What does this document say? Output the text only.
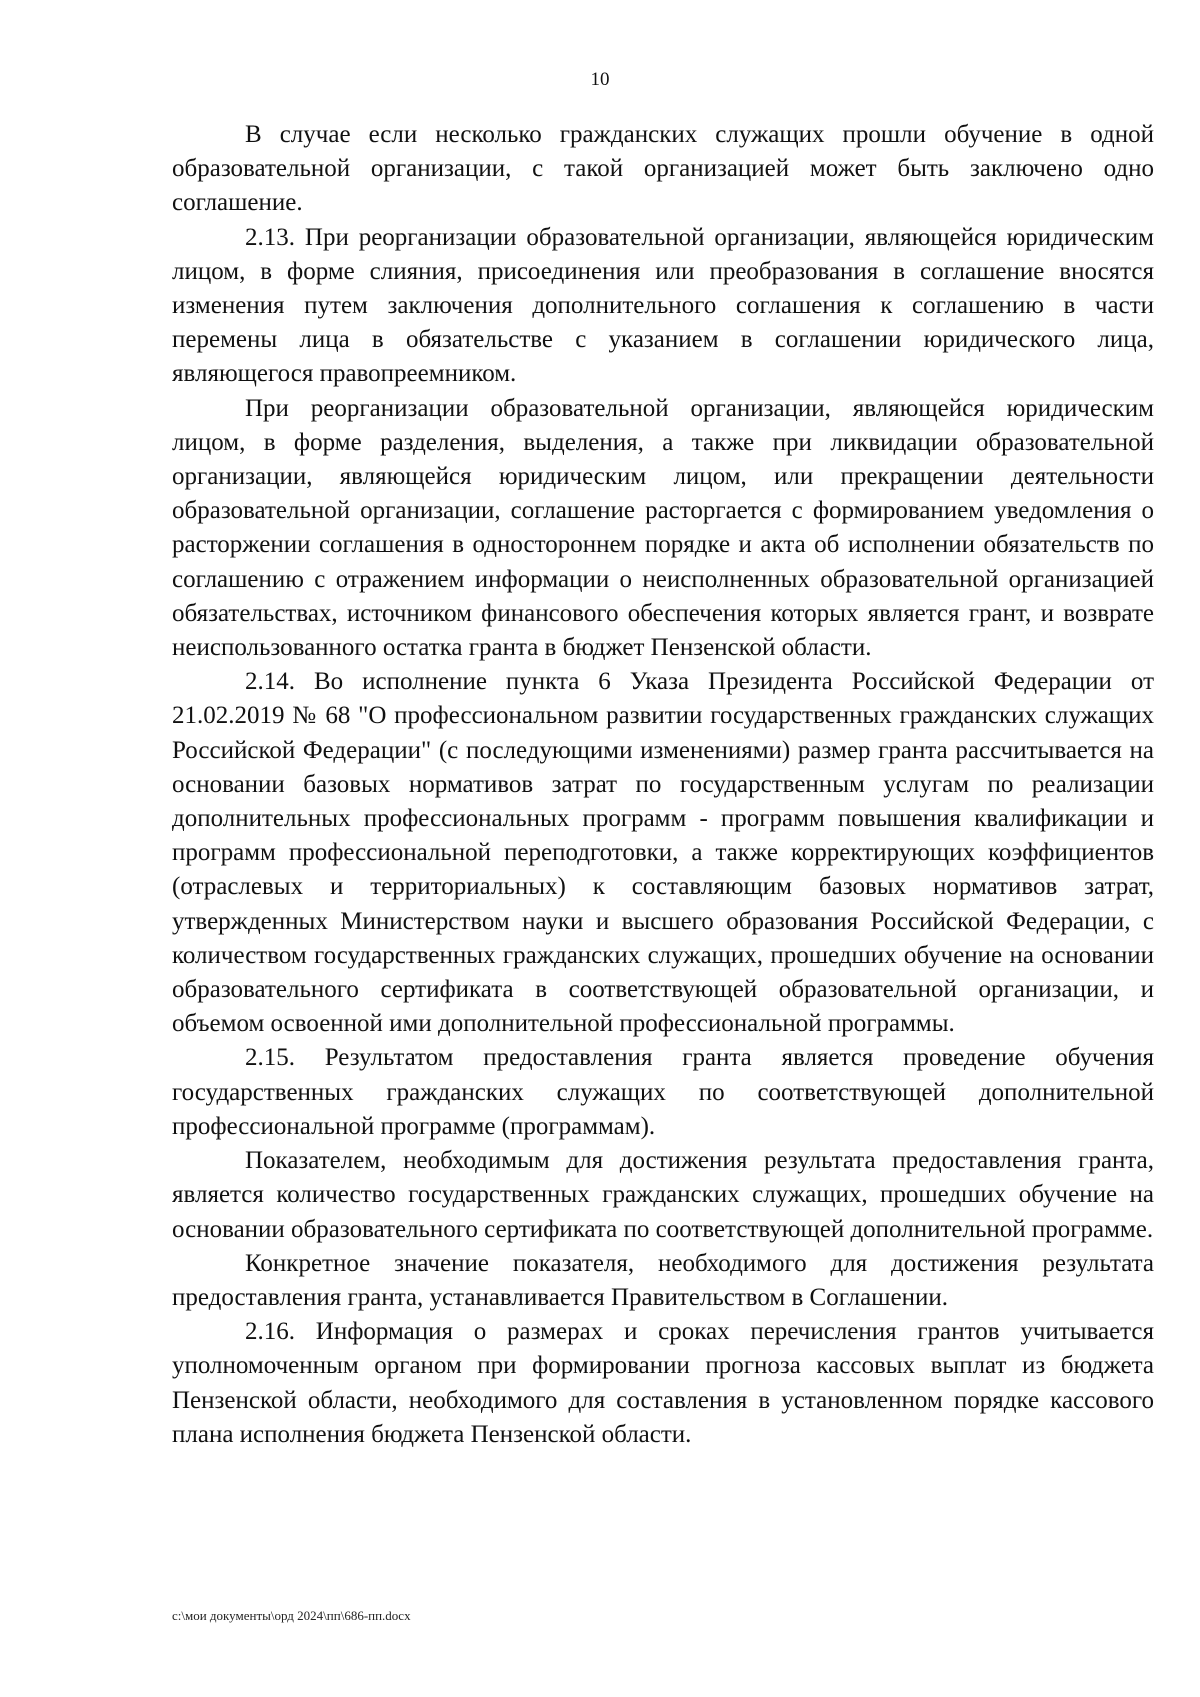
10

В случае если несколько гражданских служащих прошли обучение в одной образовательной организации, с такой организацией может быть заключено одно соглашение.

2.13. При реорганизации образовательной организации, являющейся юридическим лицом, в форме слияния, присоединения или преобразования в соглашение вносятся изменения путем заключения дополнительного соглашения к соглашению в части перемены лица в обязательстве с указанием в соглашении юридического лица, являющегося правопреемником.

При реорганизации образовательной организации, являющейся юридическим лицом, в форме разделения, выделения, а также при ликвидации образовательной организации, являющейся юридическим лицом, или прекращении деятельности образовательной организации, соглашение расторгается с формированием уведомления о расторжении соглашения в одностороннем порядке и акта об исполнении обязательств по соглашению с отражением информации о неисполненных образовательной организацией обязательствах, источником финансового обеспечения которых является грант, и возврате неиспользованного остатка гранта в бюджет Пензенской области.

2.14. Во исполнение пункта 6 Указа Президента Российской Федерации от 21.02.2019 № 68 "О профессиональном развитии государственных гражданских служащих Российской Федерации" (с последующими изменениями) размер гранта рассчитывается на основании базовых нормативов затрат по государственным услугам по реализации дополнительных профессиональных программ - программ повышения квалификации и программ профессиональной переподготовки, а также корректирующих коэффициентов (отраслевых и территориальных) к составляющим базовых нормативов затрат, утвержденных Министерством науки и высшего образования Российской Федерации, с количеством государственных гражданских служащих, прошедших обучение на основании образовательного сертификата в соответствующей образовательной организации, и объемом освоенной ими дополнительной профессиональной программы.

2.15. Результатом предоставления гранта является проведение обучения государственных гражданских служащих по соответствующей дополнительной профессиональной программе (программам).

Показателем, необходимым для достижения результата предоставления гранта, является количество государственных гражданских служащих, прошедших обучение на основании образовательного сертификата по соответствующей дополнительной программе.

Конкретное значение показателя, необходимого для достижения результата предоставления гранта, устанавливается Правительством в Соглашении.

2.16. Информация о размерах и сроках перечисления грантов учитывается уполномоченным органом при формировании прогноза кассовых выплат из бюджета Пензенской области, необходимого для составления в установленном порядке кассового плана исполнения бюджета Пензенской области.

c:\мои документы\орд 2024\пп\686-пп.docx
